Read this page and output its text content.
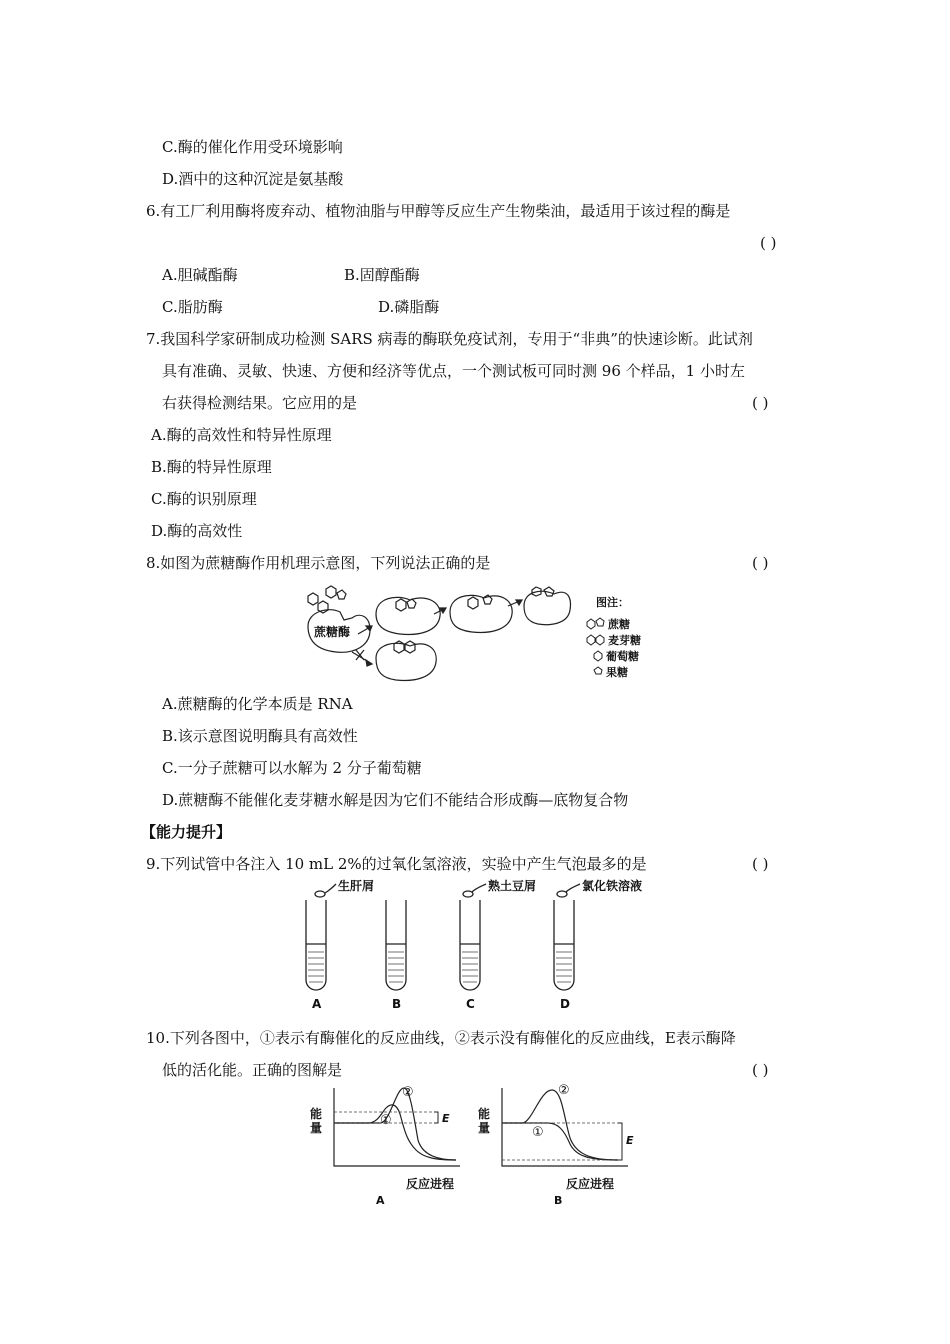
C.酶的催化作用受环境影响
D.酒中的这种沉淀是氨基酸
6.有工厂利用酶将废弃动、植物油脂与甲醇等反应生产生物柴油，最适用于该过程的酶是
( )
A.胆碱酯酶	B.固醇酯酶
C.脂肪酶	D.磷脂酶
7.我国科学家研制成功检测 SARS 病毒的酶联免疫试剂，专用于“非典”的快速诊断。此试剂
具有准确、灵敏、快速、方便和经济等优点，一个测试板可同时测 96 个样品，1 小时左
右获得检测结果。它应用的是	( )
A.酶的高效性和特异性原理
B.酶的特异性原理
C.酶的识别原理
D.酶的高效性
8.如图为蔗糖酶作用机理示意图，下列说法正确的是	( )
蔗糖酶
图注：
蔗糖
麦芽糖
葡萄糖
果糖
A.蔗糖酶的化学本质是 RNA
B.该示意图说明酶具有高效性
C.一分子蔗糖可以水解为 2 分子葡萄糖
D.蔗糖酶不能催化麦芽糖水解是因为它们不能结合形成酶—底物复合物
【能力提升】
9.下列试管中各注入 10 mL 2%的过氧化氢溶液，实验中产生气泡最多的是	( )
生肝屑	熟土豆屑	氯化铁溶液
A	B	C	D
10.下列各图中，①表示有酶催化的反应曲线，②表示没有酶催化的反应曲线，E表示酶降
低的活化能。正确的图解是	( )
能
量
②
①	E
反应进程
A
能
量
②
①
E
反应进程
B
